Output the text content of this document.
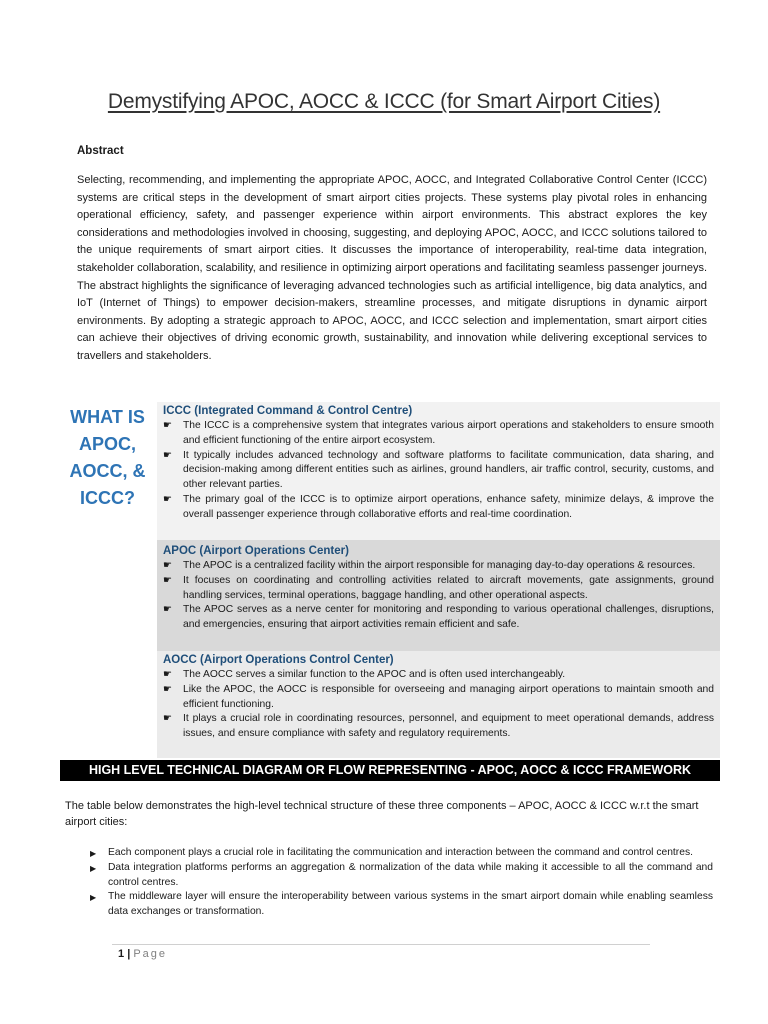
Demystifying APOC, AOCC & ICCC (for Smart Airport Cities)
Abstract
Selecting, recommending, and implementing the appropriate APOC, AOCC, and Integrated Collaborative Control Center (ICCC) systems are critical steps in the development of smart airport cities projects. These systems play pivotal roles in enhancing operational efficiency, safety, and passenger experience within airport environments. This abstract explores the key considerations and methodologies involved in choosing, suggesting, and deploying APOC, AOCC, and ICCC solutions tailored to the unique requirements of smart airport cities. It discusses the importance of interoperability, real-time data integration, stakeholder collaboration, scalability, and resilience in optimizing airport operations and facilitating seamless passenger journeys. The abstract highlights the significance of leveraging advanced technologies such as artificial intelligence, big data analytics, and IoT (Internet of Things) to empower decision-makers, streamline processes, and mitigate disruptions in dynamic airport environments. By adopting a strategic approach to APOC, AOCC, and ICCC selection and implementation, smart airport cities can achieve their objectives of driving economic growth, sustainability, and innovation while delivering exceptional services to travellers and stakeholders.
WHAT IS APOC, AOCC, & ICCC?
ICCC (Integrated Command & Control Centre)
☛ The ICCC is a comprehensive system that integrates various airport operations and stakeholders to ensure smooth and efficient functioning of the entire airport ecosystem.
☛ It typically includes advanced technology and software platforms to facilitate communication, data sharing, and decision-making among different entities such as airlines, ground handlers, air traffic control, security, customs, and other relevant parties.
☛ The primary goal of the ICCC is to optimize airport operations, enhance safety, minimize delays, & improve the overall passenger experience through collaborative efforts and real-time coordination.
APOC (Airport Operations Center)
☛ The APOC is a centralized facility within the airport responsible for managing day-to-day operations & resources.
☛ It focuses on coordinating and controlling activities related to aircraft movements, gate assignments, ground handling services, terminal operations, baggage handling, and other operational aspects.
☛ The APOC serves as a nerve center for monitoring and responding to various operational challenges, disruptions, and emergencies, ensuring that airport activities remain efficient and safe.
AOCC (Airport Operations Control Center)
☛ The AOCC serves a similar function to the APOC and is often used interchangeably.
☛ Like the APOC, the AOCC is responsible for overseeing and managing airport operations to maintain smooth and efficient functioning.
☛ It plays a crucial role in coordinating resources, personnel, and equipment to meet operational demands, address issues, and ensure compliance with safety and regulatory requirements.
HIGH LEVEL TECHNICAL DIAGRAM OR FLOW REPRESENTING - APOC, AOCC & ICCC FRAMEWORK
The table below demonstrates the high-level technical structure of these three components – APOC, AOCC & ICCC w.r.t the smart airport cities:
▶ Each component plays a crucial role in facilitating the communication and interaction between the command and control centres.
▶ Data integration platforms performs an aggregation & normalization of the data while making it accessible to all the command and control centres.
▶ The middleware layer will ensure the interoperability between various systems in the smart airport domain while enabling seamless data exchanges or transformation.
1 | Page
